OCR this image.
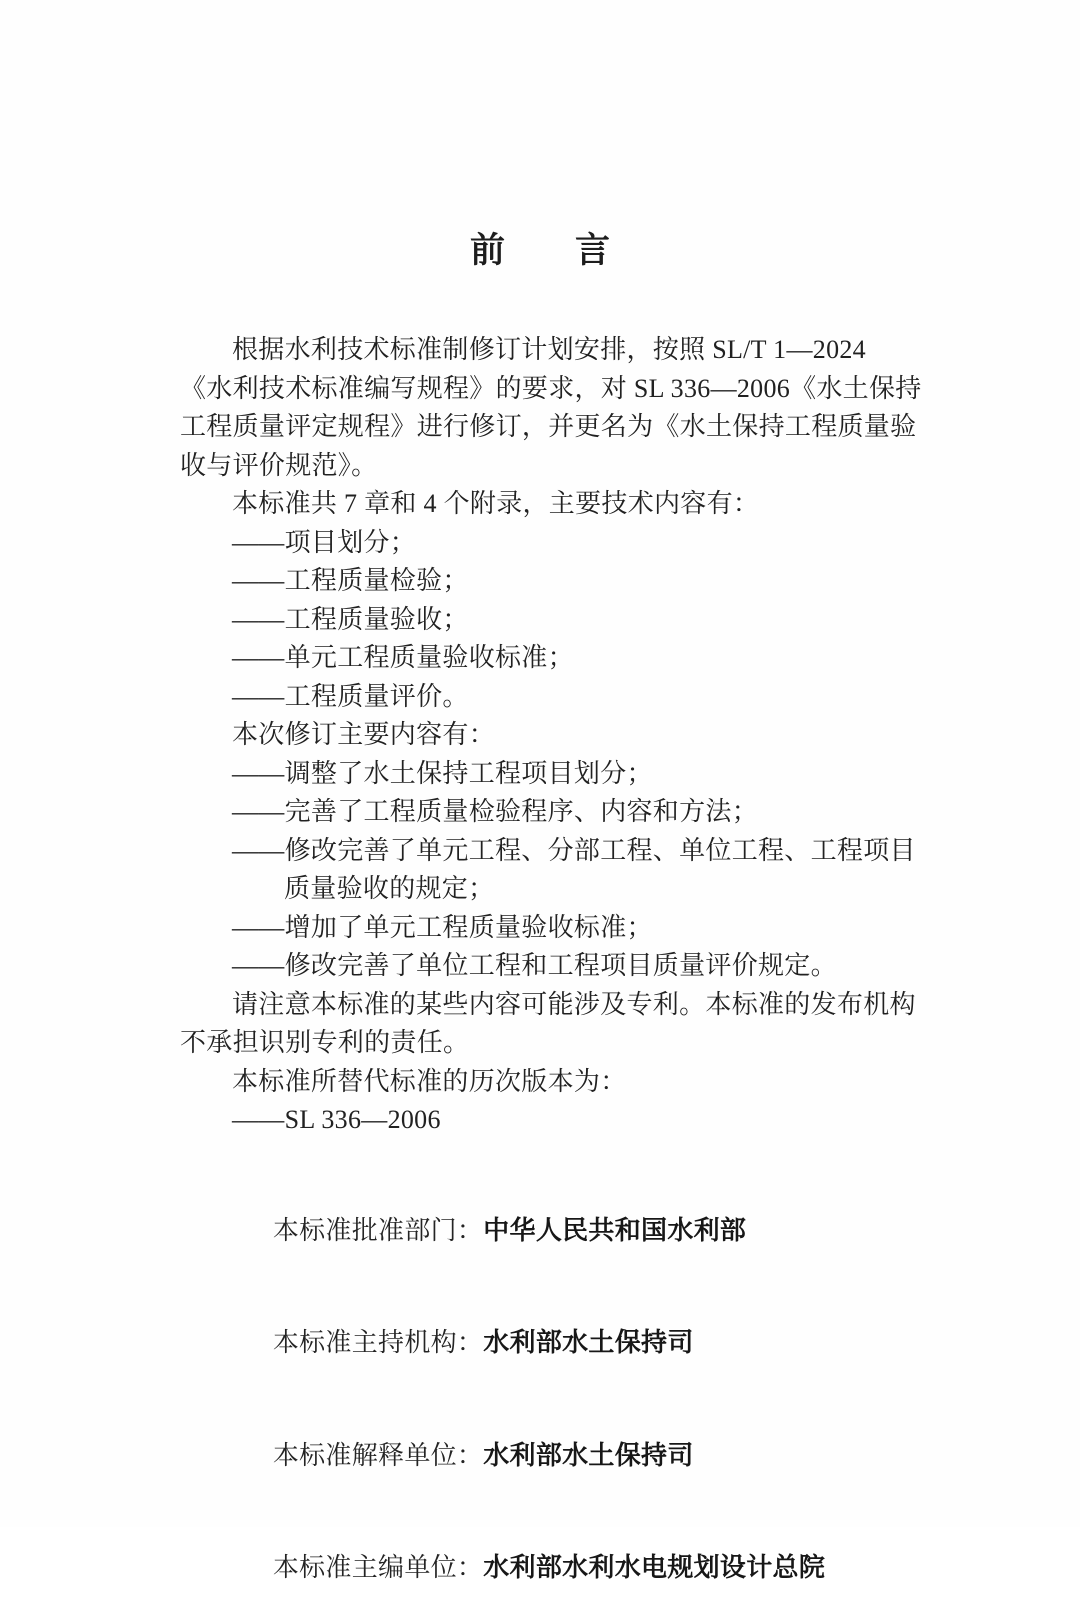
前　　言
根据水利技术标准制修订计划安排，按照 SL/T 1—2024
《水利技术标准编写规程》的要求，对 SL 336—2006《水土保持
工程质量评定规程》进行修订，并更名为《水土保持工程质量验
收与评价规范》。
本标准共 7 章和 4 个附录，主要技术内容有：
——项目划分；
——工程质量检验；
——工程质量验收；
——单元工程质量验收标准；
——工程质量评价。
本次修订主要内容有：
——调整了水土保持工程项目划分；
——完善了工程质量检验程序、内容和方法；
——修改完善了单元工程、分部工程、单位工程、工程项目
质量验收的规定；
——增加了单元工程质量验收标准；
——修改完善了单位工程和工程项目质量评价规定。
请注意本标准的某些内容可能涉及专利。本标准的发布机构
不承担识别专利的责任。
本标准所替代标准的历次版本为：
——SL 336—2006

本标准批准部门：中华人民共和国水利部

本标准主持机构：水利部水土保持司

本标准解释单位：水利部水土保持司

本标准主编单位：水利部水利水电规划设计总院
